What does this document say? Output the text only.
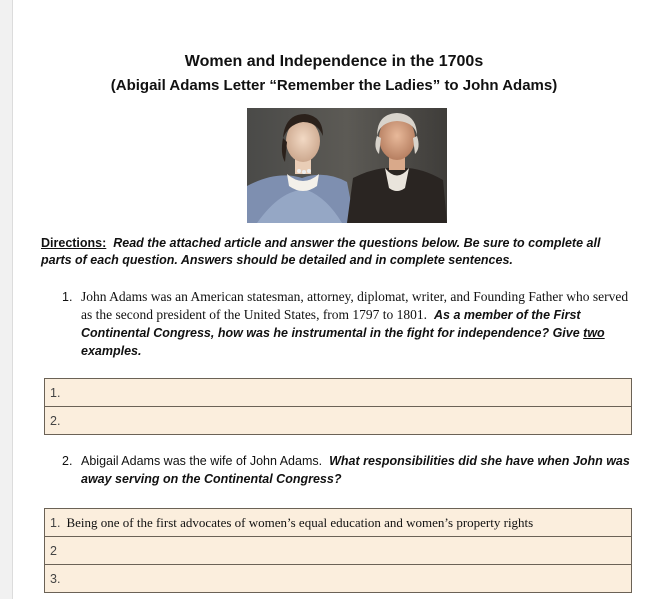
Women and Independence in the 1700s
(Abigail Adams Letter “Remember the Ladies” to John Adams)
Directions: Read the attached article and answer the questions below. Be sure to complete all parts of each question. Answers should be detailed and in complete sentences.
1. John Adams was an American statesman, attorney, diplomat, writer, and Founding Father who served as the second president of the United States, from 1797 to 1801. As a member of the First Continental Congress, how was he instrumental in the fight for independence? Give two examples.
1.
2.
2. Abigail Adams was the wife of John Adams. What responsibilities did she have when John was away serving on the Continental Congress?
1. Being one of the first advocates of women’s equal education and women’s property rights
2
3.
